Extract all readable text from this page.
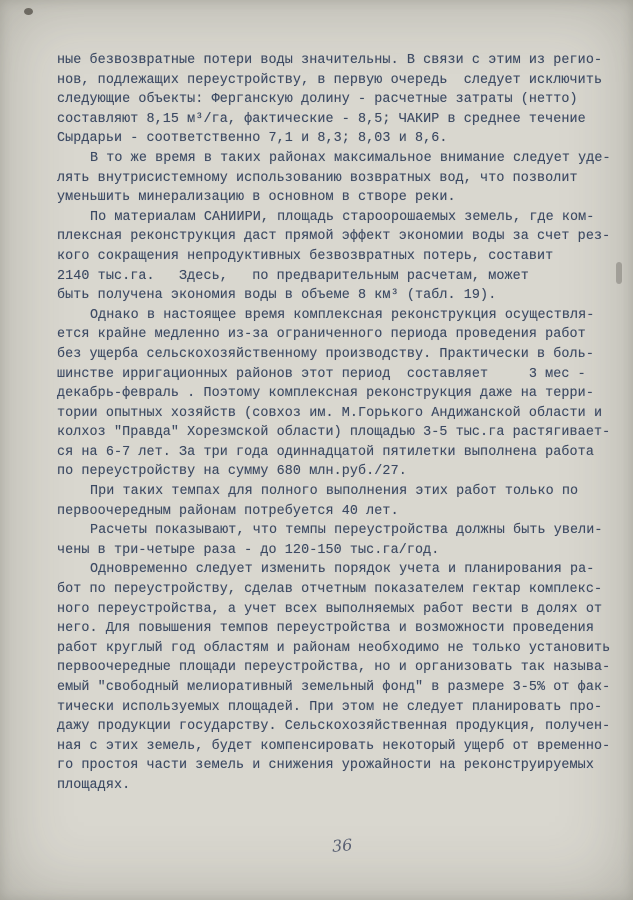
ные безвозвратные потери воды значительны. В связи с этим из регио-
нов, подлежащих переустройству, в первую очередь  следует исключить
следующие объекты: Ферганскую долину - расчетные затраты (нетто)
составляют 8,15 м³/га, фактические - 8,5; ЧАКИР в среднее течение
Сырдарьи - соответственно 7,1 и 8,3; 8,03 и 8,6.
В то же время в таких районах максимальное внимание следует уде-
лять внутрисистемному использованию возвратных вод, что позволит
уменьшить минерализацию в основном в створе реки.
По материалам САНИИРИ, площадь староорошаемых земель, где ком-
плексная реконструкция даст прямой эффект экономии воды за счет рез-
кого сокращения непродуктивных безвозвратных потерь, составит
2140 тыс.га.   Здесь,   по предварительным расчетам, может
быть получена экономия воды в объеме 8 км³ (табл. 19).
Однако в настоящее время комплексная реконструкция осуществля-
ется крайне медленно из-за ограниченного периода проведения работ
без ущерба сельскохозяйственному производству. Практически в боль-
шинстве ирригационных районов этот период  составляет     3 мес -
декабрь-февраль . Поэтому комплексная реконструкция даже на терри-
тории опытных хозяйств (совхоз им. М.Горького Андижанской области и
колхоз "Правда" Хорезмской области) площадью 3-5 тыс.га растягивает-
ся на 6-7 лет. За три года одиннадцатой пятилетки выполнена работа
по переустройству на сумму 680 млн.руб./27.
При таких темпах для полного выполнения этих работ только по
первоочередным районам потребуется 40 лет.
Расчеты показывают, что темпы переустройства должны быть увели-
чены в три-четыре раза - до 120-150 тыс.га/год.
Одновременно следует изменить порядок учета и планирования ра-
бот по переустройству, сделав отчетным показателем гектар комплекс-
ного переустройства, а учет всех выполняемых работ вести в долях от
него. Для повышения темпов переустройства и возможности проведения
работ круглый год областям и районам необходимо не только установить
первоочередные площади переустройства, но и организовать так называ-
емый "свободный мелиоративный земельный фонд" в размере 3-5% от фак-
тически используемых площадей. При этом не следует планировать про-
дажу продукции государству. Сельскохозяйственная продукция, получен-
ная с этих земель, будет компенсировать некоторый ущерб от временно-
го простоя части земель и снижения урожайности на реконструируемых
площадях.
36
